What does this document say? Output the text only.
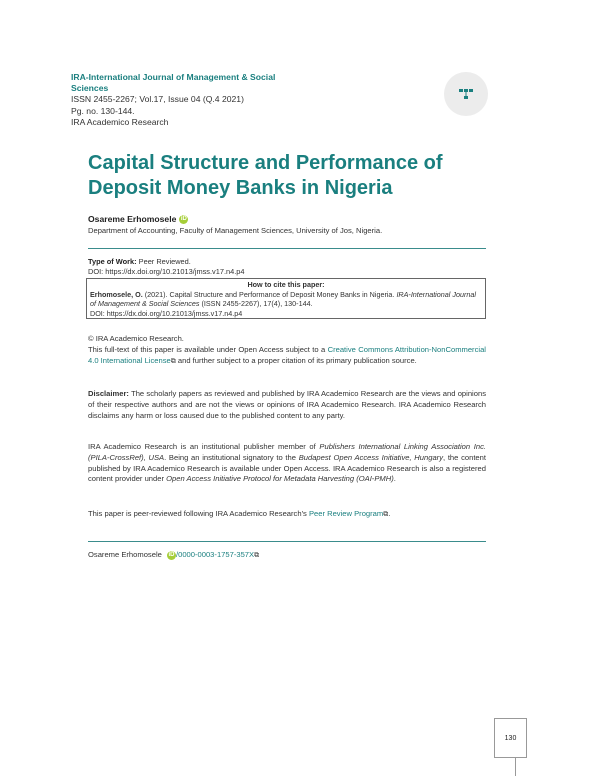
IRA-International Journal of Management & Social Sciences
ISSN 2455-2267; Vol.17, Issue 04 (Q.4 2021)
Pg. no. 130-144.
IRA Academico Research
Capital Structure and Performance of Deposit Money Banks in Nigeria
Osareme Erhomosele iD
Department of Accounting, Faculty of Management Sciences, University of Jos, Nigeria.
Type of Work: Peer Reviewed.
DOI: https://dx.doi.org/10.21013/jmss.v17.n4.p4
How to cite this paper:
Erhomosele, O. (2021). Capital Structure and Performance of Deposit Money Banks in Nigeria. IRA-International Journal of Management & Social Sciences (ISSN 2455-2267), 17(4), 130-144.
DOI: https://dx.doi.org/10.21013/jmss.v17.n4.p4
© IRA Academico Research.
This full-text of this paper is available under Open Access subject to a Creative Commons Attribution-NonCommercial 4.0 International License⧉ and further subject to a proper citation of its primary publication source.
Disclaimer: The scholarly papers as reviewed and published by IRA Academico Research are the views and opinions of their respective authors and are not the views or opinions of IRA Academico Research. IRA Academico Research disclaims any harm or loss caused due to the published content to any party.
IRA Academico Research is an institutional publisher member of Publishers International Linking Association Inc. (PILA-CrossRef), USA. Being an institutional signatory to the Budapest Open Access Initiative, Hungary, the content published by IRA Academico Research is available under Open Access. IRA Academico Research is also a registered content provider under Open Access Initiative Protocol for Metadata Harvesting (OAI-PMH).
This paper is peer-reviewed following IRA Academico Research's Peer Review Program⧉.
Osareme Erhomosele iD /0000-0003-1757-357X⧉
130
